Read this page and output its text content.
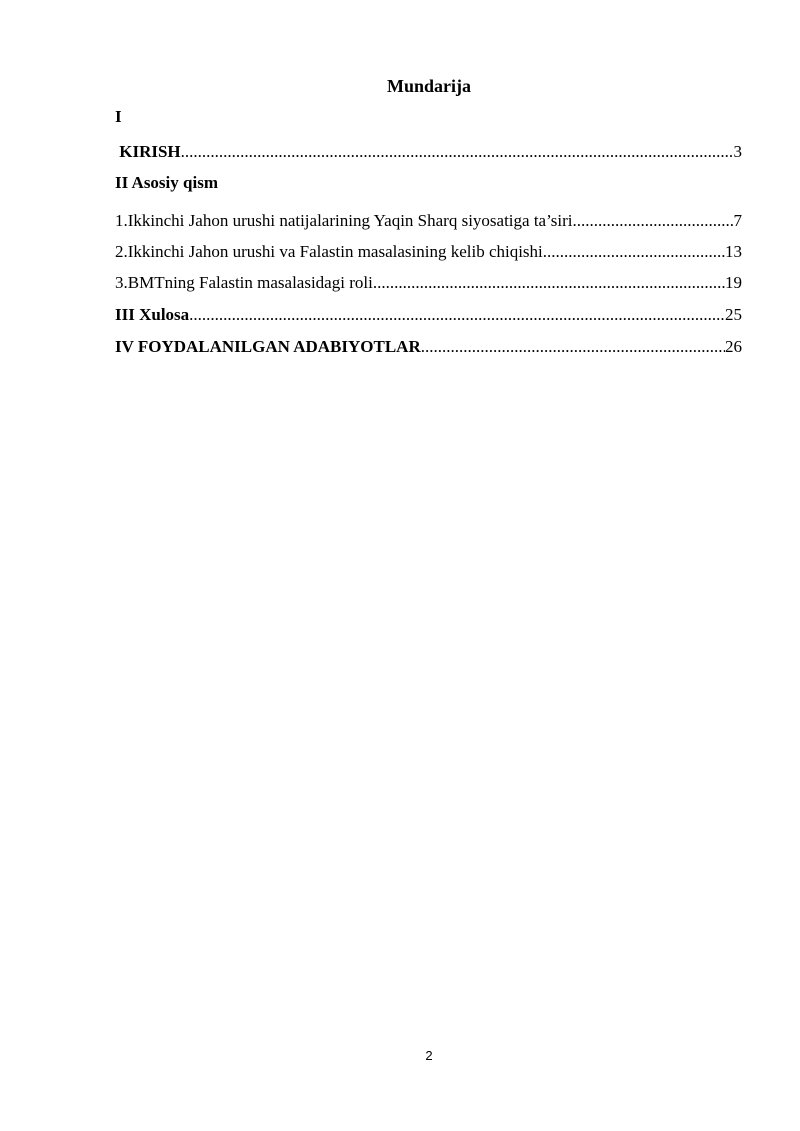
Mundarija
I
KIRISH .....	3
II Asosiy qism
1.Ikkinchi Jahon urushi natijalarining Yaqin Sharq siyosatiga ta’siri .....	7
2.Ikkinchi Jahon urushi va Falastin masalasining kelib chiqishi .....	13
3.BMTning Falastin masalasidagi roli .....	19
III Xulosa .....	25
IV FOYDALANILGAN ADABIYOTLAR .....	26
2
